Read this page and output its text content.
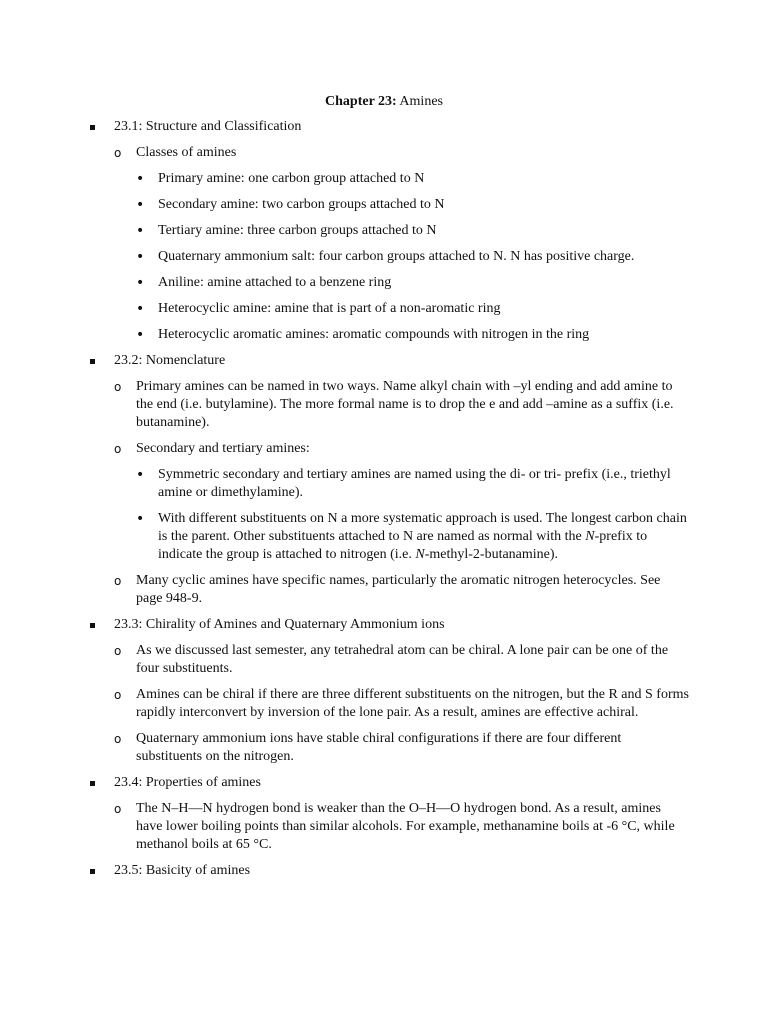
Chapter 23: Amines
23.1: Structure and Classification
o Classes of amines
• Primary amine: one carbon group attached to N
• Secondary amine: two carbon groups attached to N
• Tertiary amine: three carbon groups attached to N
• Quaternary ammonium salt: four carbon groups attached to N. N has positive charge.
• Aniline: amine attached to a benzene ring
• Heterocyclic amine: amine that is part of a non-aromatic ring
• Heterocyclic aromatic amines: aromatic compounds with nitrogen in the ring
23.2: Nomenclature
o Primary amines can be named in two ways. Name alkyl chain with –yl ending and add amine to the end (i.e. butylamine). The more formal name is to drop the e and add –amine as a suffix (i.e. butanamine).
o Secondary and tertiary amines:
• Symmetric secondary and tertiary amines are named using the di- or tri- prefix (i.e., triethyl amine or dimethylamine).
• With different substituents on N a more systematic approach is used. The longest carbon chain is the parent. Other substituents attached to N are named as normal with the N-prefix to indicate the group is attached to nitrogen (i.e. N-methyl-2-butanamine).
o Many cyclic amines have specific names, particularly the aromatic nitrogen heterocycles. See page 948-9.
23.3: Chirality of Amines and Quaternary Ammonium ions
o As we discussed last semester, any tetrahedral atom can be chiral. A lone pair can be one of the four substituents.
o Amines can be chiral if there are three different substituents on the nitrogen, but the R and S forms rapidly interconvert by inversion of the lone pair. As a result, amines are effective achiral.
o Quaternary ammonium ions have stable chiral configurations if there are four different substituents on the nitrogen.
23.4: Properties of amines
o The N–H—N hydrogen bond is weaker than the O–H—O hydrogen bond. As a result, amines have lower boiling points than similar alcohols. For example, methanamine boils at -6 °C, while methanol boils at 65 °C.
23.5: Basicity of amines
